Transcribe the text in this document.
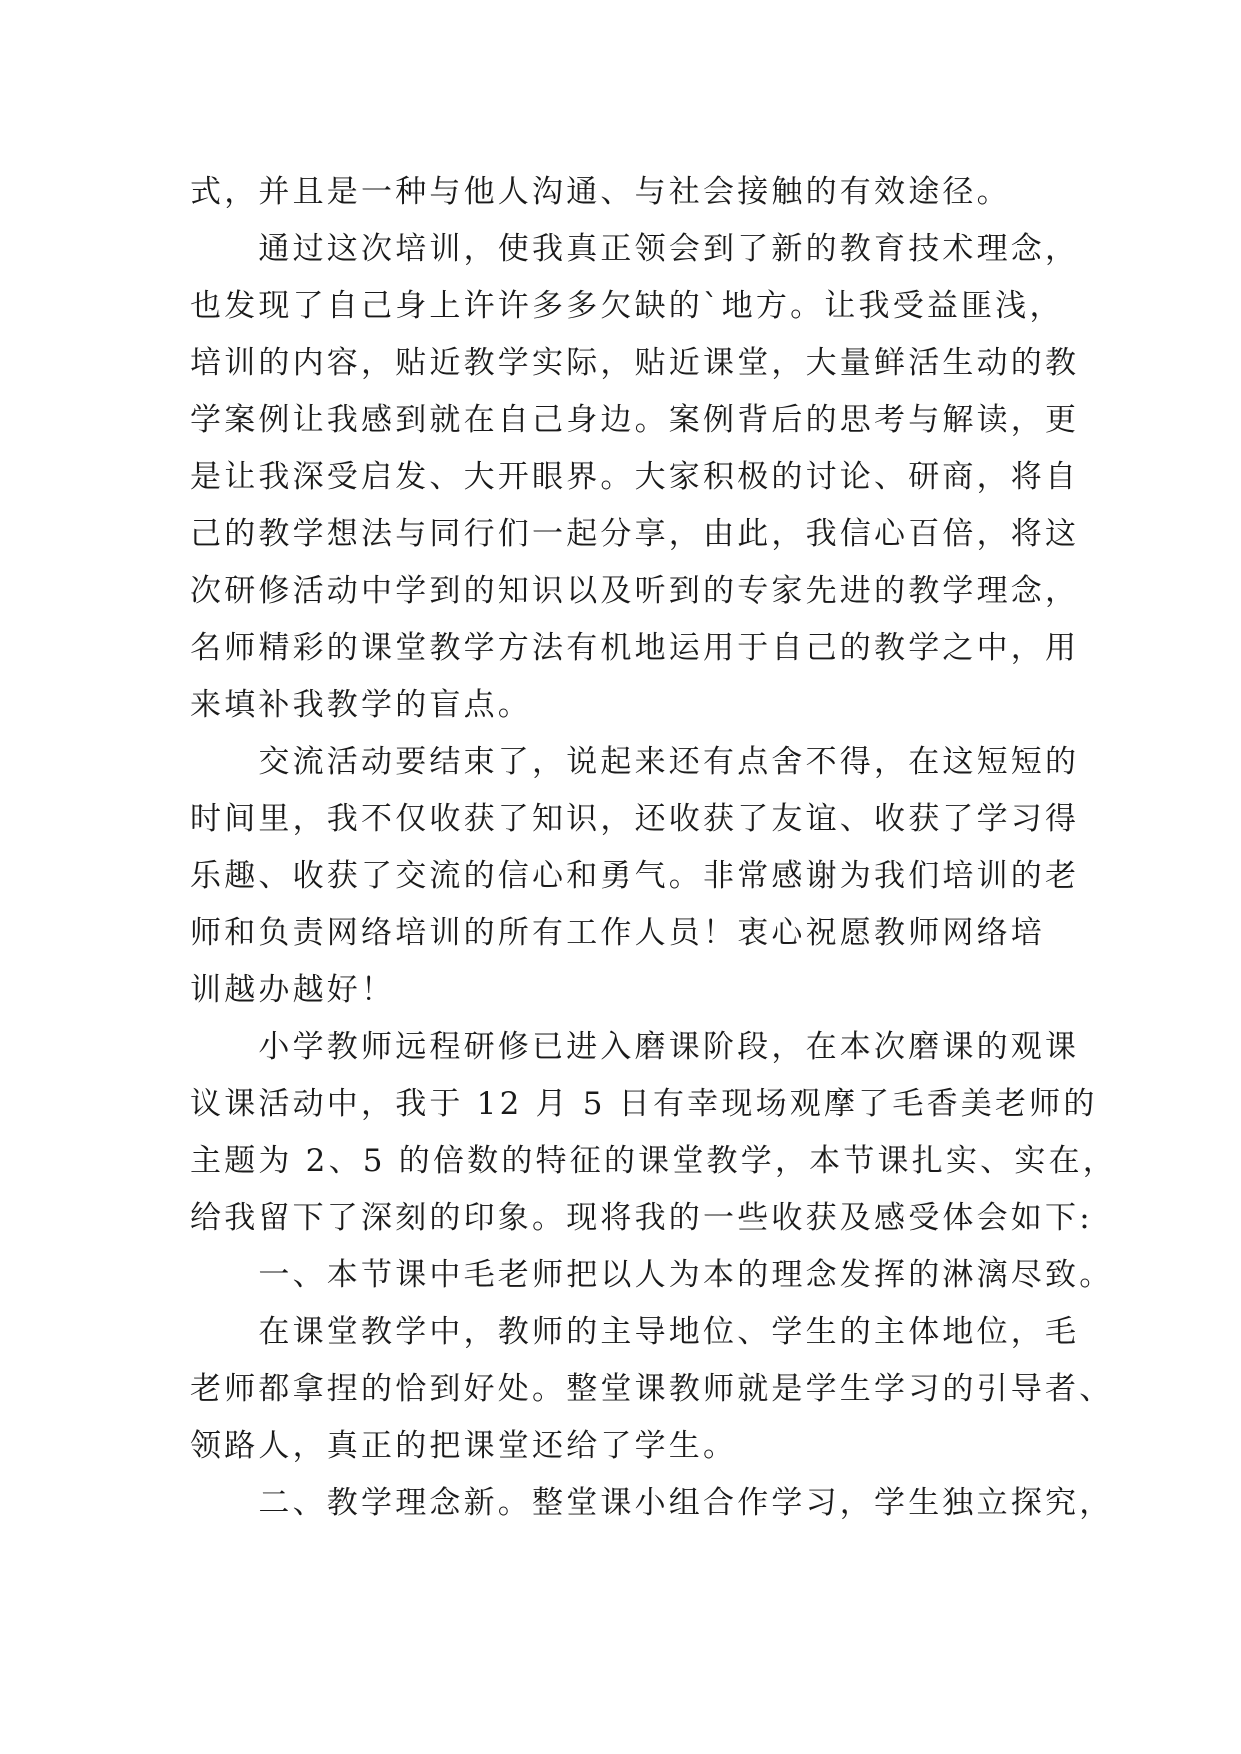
式，并且是一种与他人沟通、与社会接触的有效途径。
　　通过这次培训，使我真正领会到了新的教育技术理念，
也发现了自己身上许许多多欠缺的`地方。让我受益匪浅，
培训的内容，贴近教学实际，贴近课堂，大量鲜活生动的教
学案例让我感到就在自己身边。案例背后的思考与解读，更
是让我深受启发、大开眼界。大家积极的讨论、研商，将自
己的教学想法与同行们一起分享，由此，我信心百倍，将这
次研修活动中学到的知识以及听到的专家先进的教学理念，
名师精彩的课堂教学方法有机地运用于自己的教学之中，用
来填补我教学的盲点。
　　交流活动要结束了，说起来还有点舍不得，在这短短的
时间里，我不仅收获了知识，还收获了友谊、收获了学习得
乐趣、收获了交流的信心和勇气。非常感谢为我们培训的老
师和负责网络培训的所有工作人员！衷心祝愿教师网络培
训越办越好！
　　小学教师远程研修已进入磨课阶段，在本次磨课的观课
议课活动中，我于 12 月 5 日有幸现场观摩了毛香美老师的
主题为 2、5 的倍数的特征的课堂教学，本节课扎实、实在，
给我留下了深刻的印象。现将我的一些收获及感受体会如下:
　　一、本节课中毛老师把以人为本的理念发挥的淋漓尽致。
　　在课堂教学中，教师的主导地位、学生的主体地位，毛
老师都拿捏的恰到好处。整堂课教师就是学生学习的引导者、
领路人，真正的把课堂还给了学生。
　　二、教学理念新。整堂课小组合作学习，学生独立探究，
